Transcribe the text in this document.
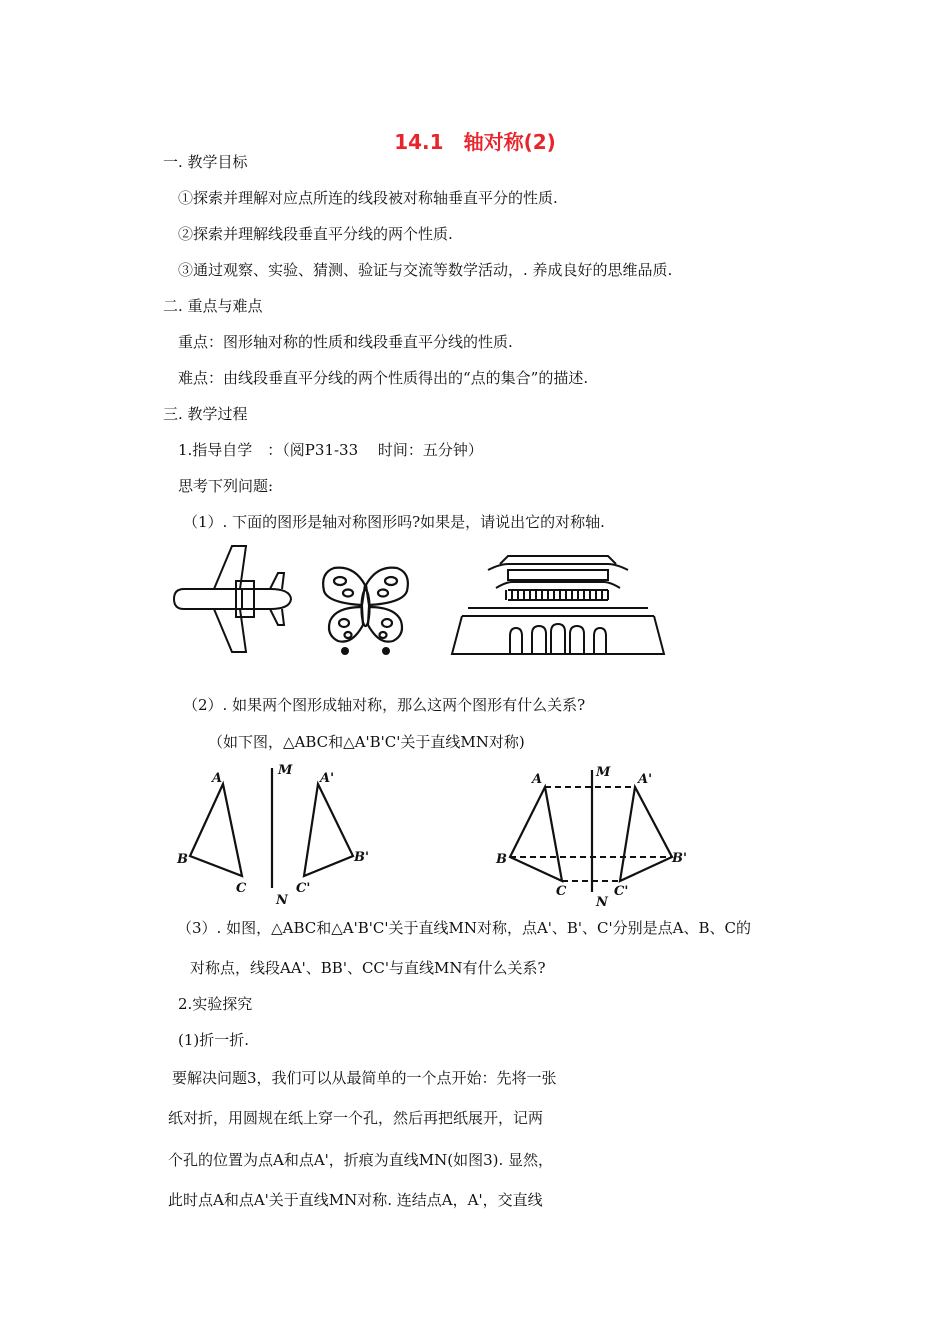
14.1　轴对称(2)
一. 教学目标
①探索并理解对应点所连的线段被对称轴垂直平分的性质.
②探索并理解线段垂直平分线的两个性质.
③通过观察、实验、猜测、验证与交流等数学活动，. 养成良好的思维品质.
二. 重点与难点
重点：图形轴对称的性质和线段垂直平分线的性质.
难点：由线段垂直平分线的两个性质得出的“点的集合”的描述.
三. 教学过程
1.指导自学　：（阅P31-33　 时间：五分钟）
思考下列问题:
（1）. 下面的图形是轴对称图形吗?如果是，请说出它的对称轴.
（2）. 如果两个图形成轴对称，那么这两个图形有什么关系?
（如下图，△ABC和△A'B'C'关于直线MN对称)
A
B
C
M
N
A'
B'
C'
A
B
C
M
N
A'
B'
C'
（3）. 如图，△ABC和△A'B'C'关于直线MN对称，点A'、B'、C'分别是点A、B、C的
对称点，线段AA'、BB'、CC'与直线MN有什么关系?
2.实验探究
(1)折一折.
要解决问题3，我们可以从最简单的一个点开始：先将一张
纸对折，用圆规在纸上穿一个孔，然后再把纸展开，记两
个孔的位置为点A和点A'，折痕为直线MN(如图3). 显然，
此时点A和点A'关于直线MN对称. 连结点A，A'，交直线
